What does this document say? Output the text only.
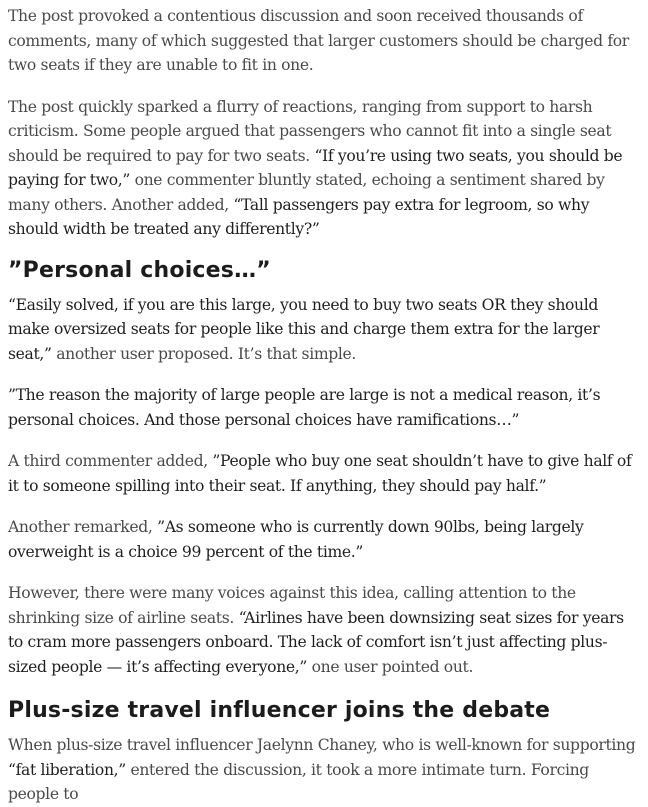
The post provoked a contentious discussion and soon received thousands of comments, many of which suggested that larger customers should be charged for two seats if they are unable to fit in one.

The post quickly sparked a flurry of reactions, ranging from support to harsh criticism. Some people argued that passengers who cannot fit into a single seat should be required to pay for two seats. “If you’re using two seats, you should be paying for two,” one commenter bluntly stated, echoing a sentiment shared by many others. Another added, “Tall passengers pay extra for legroom, so why should width be treated any differently?”

”Personal choices…”

“Easily solved, if you are this large, you need to buy two seats OR they should make oversized seats for people like this and charge them extra for the larger seat,” another user proposed. It’s that simple.

”The reason the majority of large people are large is not a medical reason, it’s personal choices. And those personal choices have ramifications…”

A third commenter added, ”People who buy one seat shouldn’t have to give half of it to someone spilling into their seat. If anything, they should pay half.”

Another remarked, ”As someone who is currently down 90lbs, being largely overweight is a choice 99 percent of the time.”

However, there were many voices against this idea, calling attention to the shrinking size of airline seats. “Airlines have been downsizing seat sizes for years to cram more passengers onboard. The lack of comfort isn’t just affecting plus-sized people — it’s affecting everyone,” one user pointed out.

Plus-size travel influencer joins the debate

When plus-size travel influencer Jaelynn Chaney, who is well-known for supporting “fat liberation,” entered the discussion, it took a more intimate turn. Forcing people to
